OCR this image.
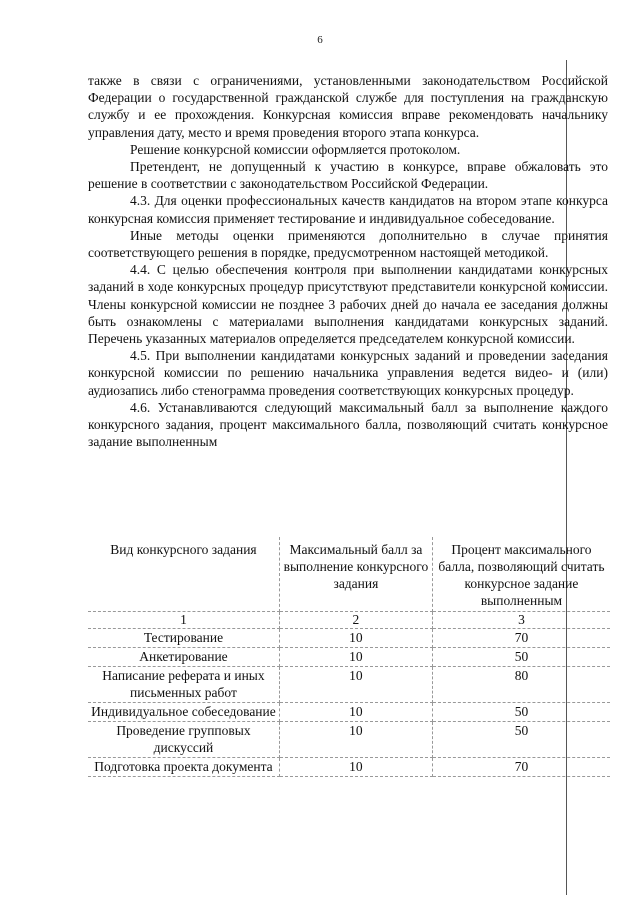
6

также в связи с ограничениями, установленными законодательством Российской Федерации о государственной гражданской службе для поступления на гражданскую службу и ее прохождения. Конкурсная комиссия вправе рекомендовать начальнику управления дату, место и время проведения второго этапа конкурса.

Решение конкурсной комиссии оформляется протоколом.

Претендент, не допущенный к участию в конкурсе, вправе обжаловать это решение в соответствии с законодательством Российской Федерации.

4.3. Для оценки профессиональных качеств кандидатов на втором этапе конкурса конкурсная комиссия применяет тестирование и индивидуальное собеседование.

Иные методы оценки применяются дополнительно в случае принятия соответствующего решения в порядке, предусмотренном настоящей методикой.

4.4. С целью обеспечения контроля при выполнении кандидатами конкурсных заданий в ходе конкурсных процедур присутствуют представители конкурсной комиссии. Члены конкурсной комиссии не позднее 3 рабочих дней до начала ее заседания должны быть ознакомлены с материалами выполнения кандидатами конкурсных заданий. Перечень указанных материалов определяется председателем конкурсной комиссии.

4.5. При выполнении кандидатами конкурсных заданий и проведении заседания конкурсной комиссии по решению начальника управления ведется видео- и (или) аудиозапись либо стенограмма проведения соответствующих конкурсных процедур.

4.6. Устанавливаются следующий максимальный балл за выполнение каждого конкурсного задания, процент максимального балла, позволяющий считать конкурсное задание выполненным

Вид конкурсного задания	Максимальный балл за выполнение конкурсного задания	Процент максимального балла, позволяющий считать конкурсное задание выполненным
1	2	3
Тестирование	10	70
Анкетирование	10	50
Написание реферата и иных письменных работ	10	80
Индивидуальное собеседование	10	50
Проведение групповых дискуссий	10	50
Подготовка проекта документа	10	70
